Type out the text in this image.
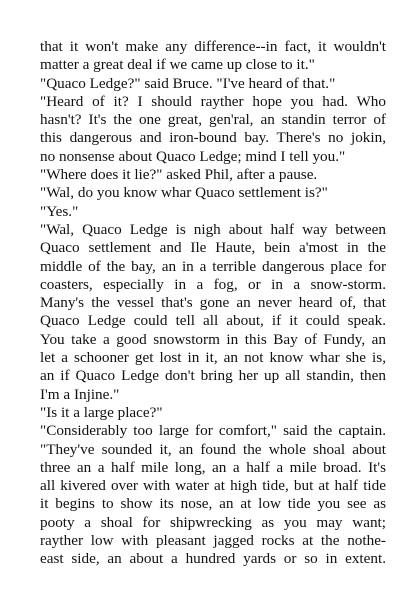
that it won't make any difference--in fact, it wouldn't
matter a great deal if we came up close to it."
"Quaco Ledge?" said Bruce. "I've heard of that."
"Heard of it? I should rayther hope you had. Who
hasn't? It's the one great, gen'ral, an standin terror of
this dangerous and iron-bound bay. There's no jokin,
no nonsense about Quaco Ledge; mind I tell you."
"Where does it lie?" asked Phil, after a pause.
"Wal, do you know whar Quaco settlement is?"
"Yes."
"Wal, Quaco Ledge is nigh about half way between
Quaco settlement and Ile Haute, bein a'most in the
middle of the bay, an in a terrible dangerous place for
coasters, especially in a fog, or in a snow-storm.
Many's the vessel that's gone an never heard of, that
Quaco Ledge could tell all about, if it could speak.
You take a good snowstorm in this Bay of Fundy, an
let a schooner get lost in it, an not know whar she is,
an if Quaco Ledge don't bring her up all standin, then
I'm a Injine."
"Is it a large place?"
"Considerably too large for comfort," said the captain.
"They've sounded it, an found the whole shoal about
three an a half mile long, an a half a mile broad. It's
all kivered over with water at high tide, but at half tide
it begins to show its nose, an at low tide you see as
pooty a shoal for shipwrecking as you may want;
rayther low with pleasant jagged rocks at the nothe-
east side, an about a hundred yards or so in extent.
